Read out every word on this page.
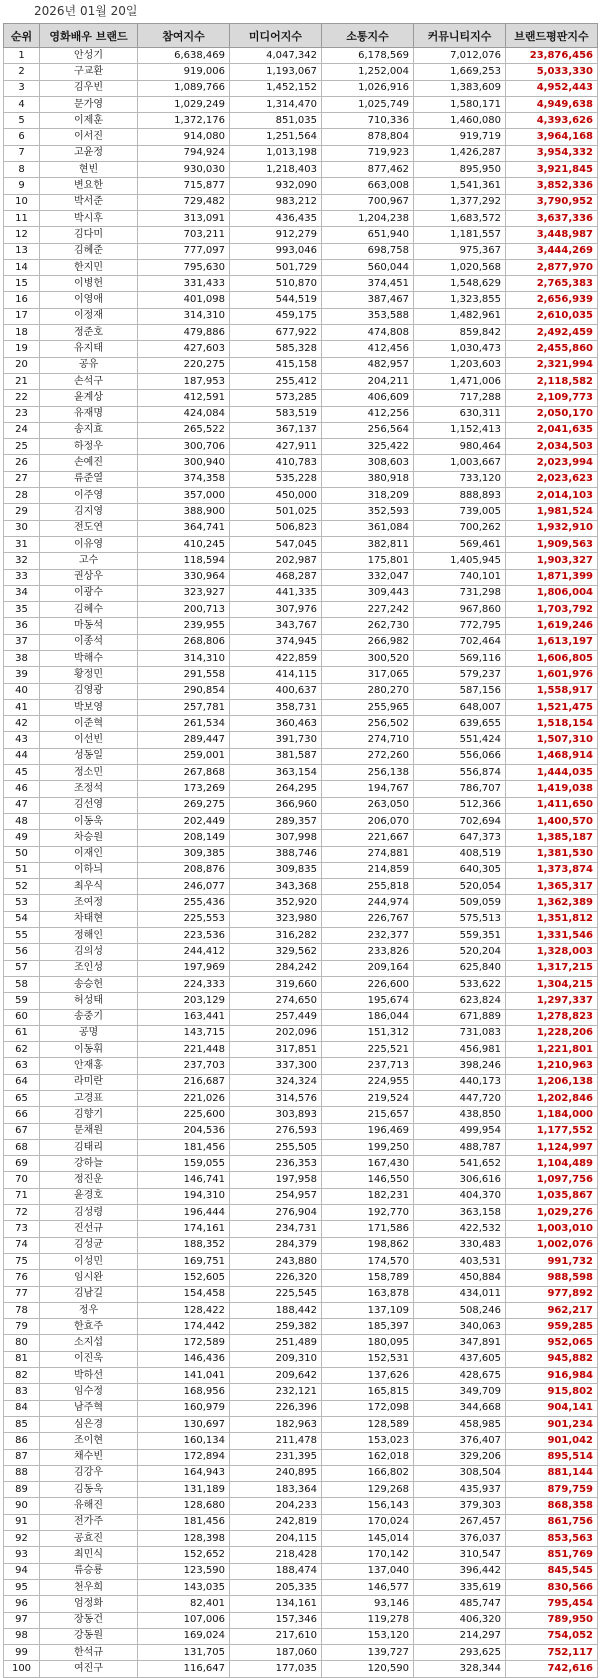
2026년 01월 20일
순위	영화배우 브랜드	참여지수	미디어지수	소통지수	커뮤니티지수	브랜드평판지수
1	안성기	6,638,469	4,047,342	6,178,569	7,012,076	23,876,456
2	구교환	919,006	1,193,067	1,252,004	1,669,253	5,033,330
3	김우빈	1,089,766	1,452,152	1,026,916	1,383,609	4,952,443
4	문가영	1,029,249	1,314,470	1,025,749	1,580,171	4,949,638
5	이제훈	1,372,176	851,035	710,336	1,460,080	4,393,626
6	이서진	914,080	1,251,564	878,804	919,719	3,964,168
7	고윤정	794,924	1,013,198	719,923	1,426,287	3,954,332
8	현빈	930,030	1,218,403	877,462	895,950	3,921,845
9	변요한	715,877	932,090	663,008	1,541,361	3,852,336
10	박서준	729,482	983,212	700,967	1,377,292	3,790,952
11	박시후	313,091	436,435	1,204,238	1,683,572	3,637,336
12	김다미	703,211	912,279	651,940	1,181,557	3,448,987
13	김혜준	777,097	993,046	698,758	975,367	3,444,269
14	한지민	795,630	501,729	560,044	1,020,568	2,877,970
15	이병헌	331,433	510,870	374,451	1,548,629	2,765,383
16	이영애	401,098	544,519	387,467	1,323,855	2,656,939
17	이정재	314,310	459,175	353,588	1,482,961	2,610,035
18	정준호	479,886	677,922	474,808	859,842	2,492,459
19	유지태	427,603	585,328	412,456	1,030,473	2,455,860
20	공유	220,275	415,158	482,957	1,203,603	2,321,994
21	손석구	187,953	255,412	204,211	1,471,006	2,118,582
22	윤계상	412,591	573,285	406,609	717,288	2,109,773
23	유재명	424,084	583,519	412,256	630,311	2,050,170
24	송지효	265,522	367,137	256,564	1,152,413	2,041,635
25	하정우	300,706	427,911	325,422	980,464	2,034,503
26	손예진	300,940	410,783	308,603	1,003,667	2,023,994
27	류준열	374,358	535,228	380,918	733,120	2,023,623
28	이주영	357,000	450,000	318,209	888,893	2,014,103
29	김지영	388,900	501,025	352,593	739,005	1,981,524
30	전도연	364,741	506,823	361,084	700,262	1,932,910
31	이유영	410,245	547,045	382,811	569,461	1,909,563
32	고수	118,594	202,987	175,801	1,405,945	1,903,327
33	권상우	330,964	468,287	332,047	740,101	1,871,399
34	이광수	323,927	441,335	309,443	731,298	1,806,004
35	김혜수	200,713	307,976	227,242	967,860	1,703,792
36	마동석	239,955	343,767	262,730	772,795	1,619,246
37	이종석	268,806	374,945	266,982	702,464	1,613,197
38	박해수	314,310	422,859	300,520	569,116	1,606,805
39	황정민	291,558	414,115	317,065	579,237	1,601,976
40	김영광	290,854	400,637	280,270	587,156	1,558,917
41	박보영	257,781	358,731	255,965	648,007	1,521,475
42	이준혁	261,534	360,463	256,502	639,655	1,518,154
43	이선빈	289,447	391,730	274,710	551,424	1,507,310
44	성동일	259,001	381,587	272,260	556,066	1,468,914
45	정소민	267,868	363,154	256,138	556,874	1,444,035
46	조정석	173,269	264,295	194,767	786,707	1,419,038
47	김선영	269,275	366,960	263,050	512,366	1,411,650
48	이동욱	202,449	289,357	206,070	702,694	1,400,570
49	차승원	208,149	307,998	221,667	647,373	1,385,187
50	이재인	309,385	388,746	274,881	408,519	1,381,530
51	이하늬	208,876	309,835	214,859	640,305	1,373,874
52	최우식	246,077	343,368	255,818	520,054	1,365,317
53	조여정	255,436	352,920	244,974	509,059	1,362,389
54	차태현	225,553	323,980	226,767	575,513	1,351,812
55	정해인	223,536	316,282	232,377	559,351	1,331,546
56	김의성	244,412	329,562	233,826	520,204	1,328,003
57	조인성	197,969	284,242	209,164	625,840	1,317,215
58	송승헌	224,333	319,660	226,600	533,622	1,304,215
59	허성태	203,129	274,650	195,674	623,824	1,297,337
60	송중기	163,441	257,449	186,044	671,889	1,278,823
61	공명	143,715	202,096	151,312	731,083	1,228,206
62	이동휘	221,448	317,851	225,521	456,981	1,221,801
63	안재홍	237,703	337,300	237,713	398,246	1,210,963
64	라미란	216,687	324,324	224,955	440,173	1,206,138
65	고경표	221,026	314,576	219,524	447,720	1,202,846
66	김향기	225,600	303,893	215,657	438,850	1,184,000
67	문채원	204,536	276,593	196,469	499,954	1,177,552
68	김태리	181,456	255,505	199,250	488,787	1,124,997
69	강하늘	159,055	236,353	167,430	541,652	1,104,489
70	정진운	146,741	197,958	146,550	306,616	1,097,756
71	윤경호	194,310	254,957	182,231	404,370	1,035,867
72	김성령	196,444	276,904	192,770	363,158	1,029,276
73	진선규	174,161	234,731	171,586	422,532	1,003,010
74	김성균	188,352	284,379	198,862	330,483	1,002,076
75	이성민	169,751	243,880	174,570	403,531	991,732
76	임시완	152,605	226,320	158,789	450,884	988,598
77	김남길	154,458	225,545	163,878	434,011	977,892
78	정우	128,422	188,442	137,109	508,246	962,217
79	한효주	174,442	259,382	185,397	340,063	959,285
80	소지섭	172,589	251,489	180,095	347,891	952,065
81	이진욱	146,436	209,310	152,531	437,605	945,882
82	박하선	141,041	209,642	137,626	428,675	916,984
83	임수정	168,956	232,121	165,815	349,709	915,802
84	남주혁	160,979	226,396	172,098	344,668	904,141
85	심은경	130,697	182,963	128,589	458,985	901,234
86	조이현	160,134	211,478	153,023	376,407	901,042
87	채수빈	172,894	231,395	162,018	329,206	895,514
88	김강우	164,943	240,895	166,802	308,504	881,144
89	김동욱	131,189	183,364	129,268	435,937	879,759
90	유해진	128,680	204,233	156,143	379,303	868,358
91	전가주	181,456	242,819	170,024	267,457	861,756
92	공효진	128,398	204,115	145,014	376,037	853,563
93	최민식	152,652	218,428	170,142	310,547	851,769
94	류승룡	123,590	188,474	137,040	396,442	845,545
95	천우희	143,035	205,335	146,577	335,619	830,566
96	엄정화	82,401	134,161	93,146	485,747	795,454
97	장동건	107,006	157,346	119,278	406,320	789,950
98	강동원	169,024	217,610	153,120	214,297	754,052
99	한석규	131,705	187,060	139,727	293,625	752,117
100	여진구	116,647	177,035	120,590	328,344	742,616
